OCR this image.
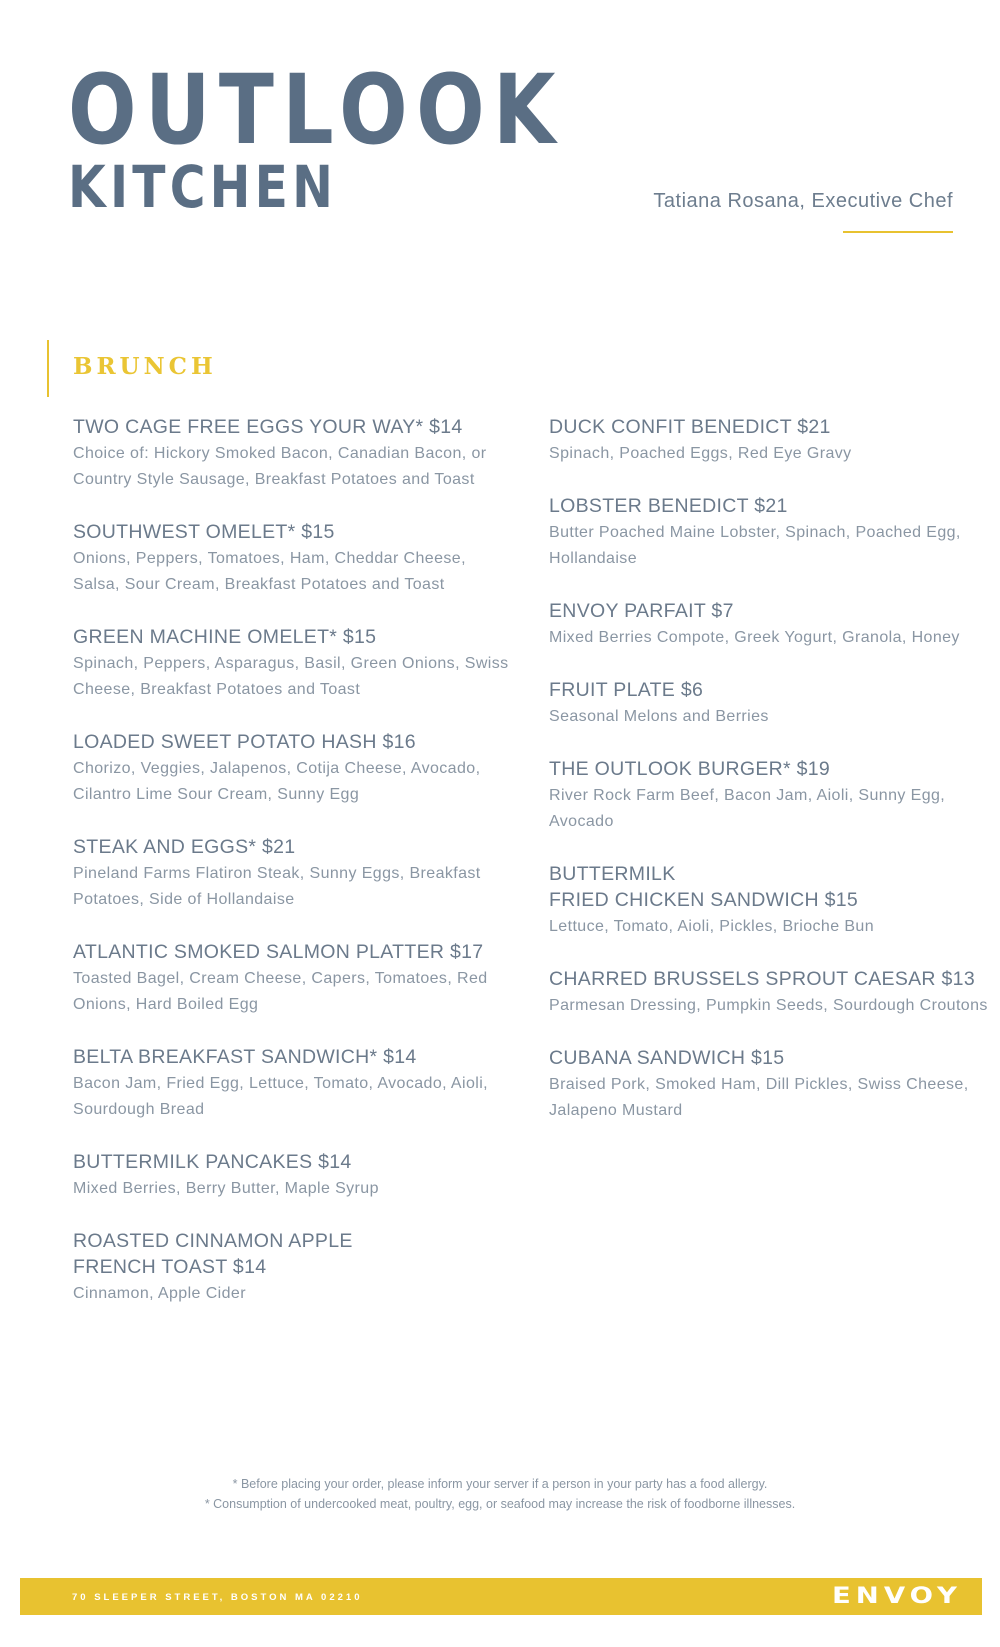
OUTLOOK
KITCHEN	Tatiana Rosana, Executive Chef
BRUNCH
TWO CAGE FREE EGGS YOUR WAY* $14
Choice of: Hickory Smoked Bacon, Canadian Bacon, or Country Style Sausage, Breakfast Potatoes and Toast
SOUTHWEST OMELET* $15
Onions, Peppers, Tomatoes, Ham, Cheddar Cheese, Salsa, Sour Cream, Breakfast Potatoes and Toast
GREEN MACHINE OMELET* $15
Spinach, Peppers, Asparagus, Basil, Green Onions, Swiss Cheese, Breakfast Potatoes and Toast
LOADED SWEET POTATO HASH $16
Chorizo, Veggies, Jalapenos, Cotija Cheese, Avocado, Cilantro Lime Sour Cream, Sunny Egg
STEAK AND EGGS* $21
Pineland Farms Flatiron Steak, Sunny Eggs, Breakfast Potatoes, Side of Hollandaise
ATLANTIC SMOKED SALMON PLATTER $17
Toasted Bagel, Cream Cheese, Capers, Tomatoes, Red Onions, Hard Boiled Egg
BELTA BREAKFAST SANDWICH* $14
Bacon Jam, Fried Egg, Lettuce, Tomato, Avocado, Aioli, Sourdough Bread
BUTTERMILK PANCAKES $14
Mixed Berries, Berry Butter, Maple Syrup
ROASTED CINNAMON APPLE
FRENCH TOAST $14
Cinnamon, Apple Cider
DUCK CONFIT BENEDICT $21
Spinach, Poached Eggs, Red Eye Gravy
LOBSTER BENEDICT $21
Butter Poached Maine Lobster, Spinach, Poached Egg, Hollandaise
ENVOY PARFAIT $7
Mixed Berries Compote, Greek Yogurt, Granola, Honey
FRUIT PLATE $6
Seasonal Melons and Berries
THE OUTLOOK BURGER* $19
River Rock Farm Beef, Bacon Jam, Aioli, Sunny Egg, Avocado
BUTTERMILK
FRIED CHICKEN SANDWICH $15
Lettuce, Tomato, Aioli, Pickles, Brioche Bun
CHARRED BRUSSELS SPROUT CAESAR $13
Parmesan Dressing, Pumpkin Seeds, Sourdough Croutons
CUBANA SANDWICH $15
Braised Pork, Smoked Ham, Dill Pickles, Swiss Cheese, Jalapeno Mustard
* Before placing your order, please inform your server if a person in your party has a food allergy.
* Consumption of undercooked meat, poultry, egg, or seafood may increase the risk of foodborne illnesses.
70 SLEEPER STREET, BOSTON MA 02210	ENVOY
